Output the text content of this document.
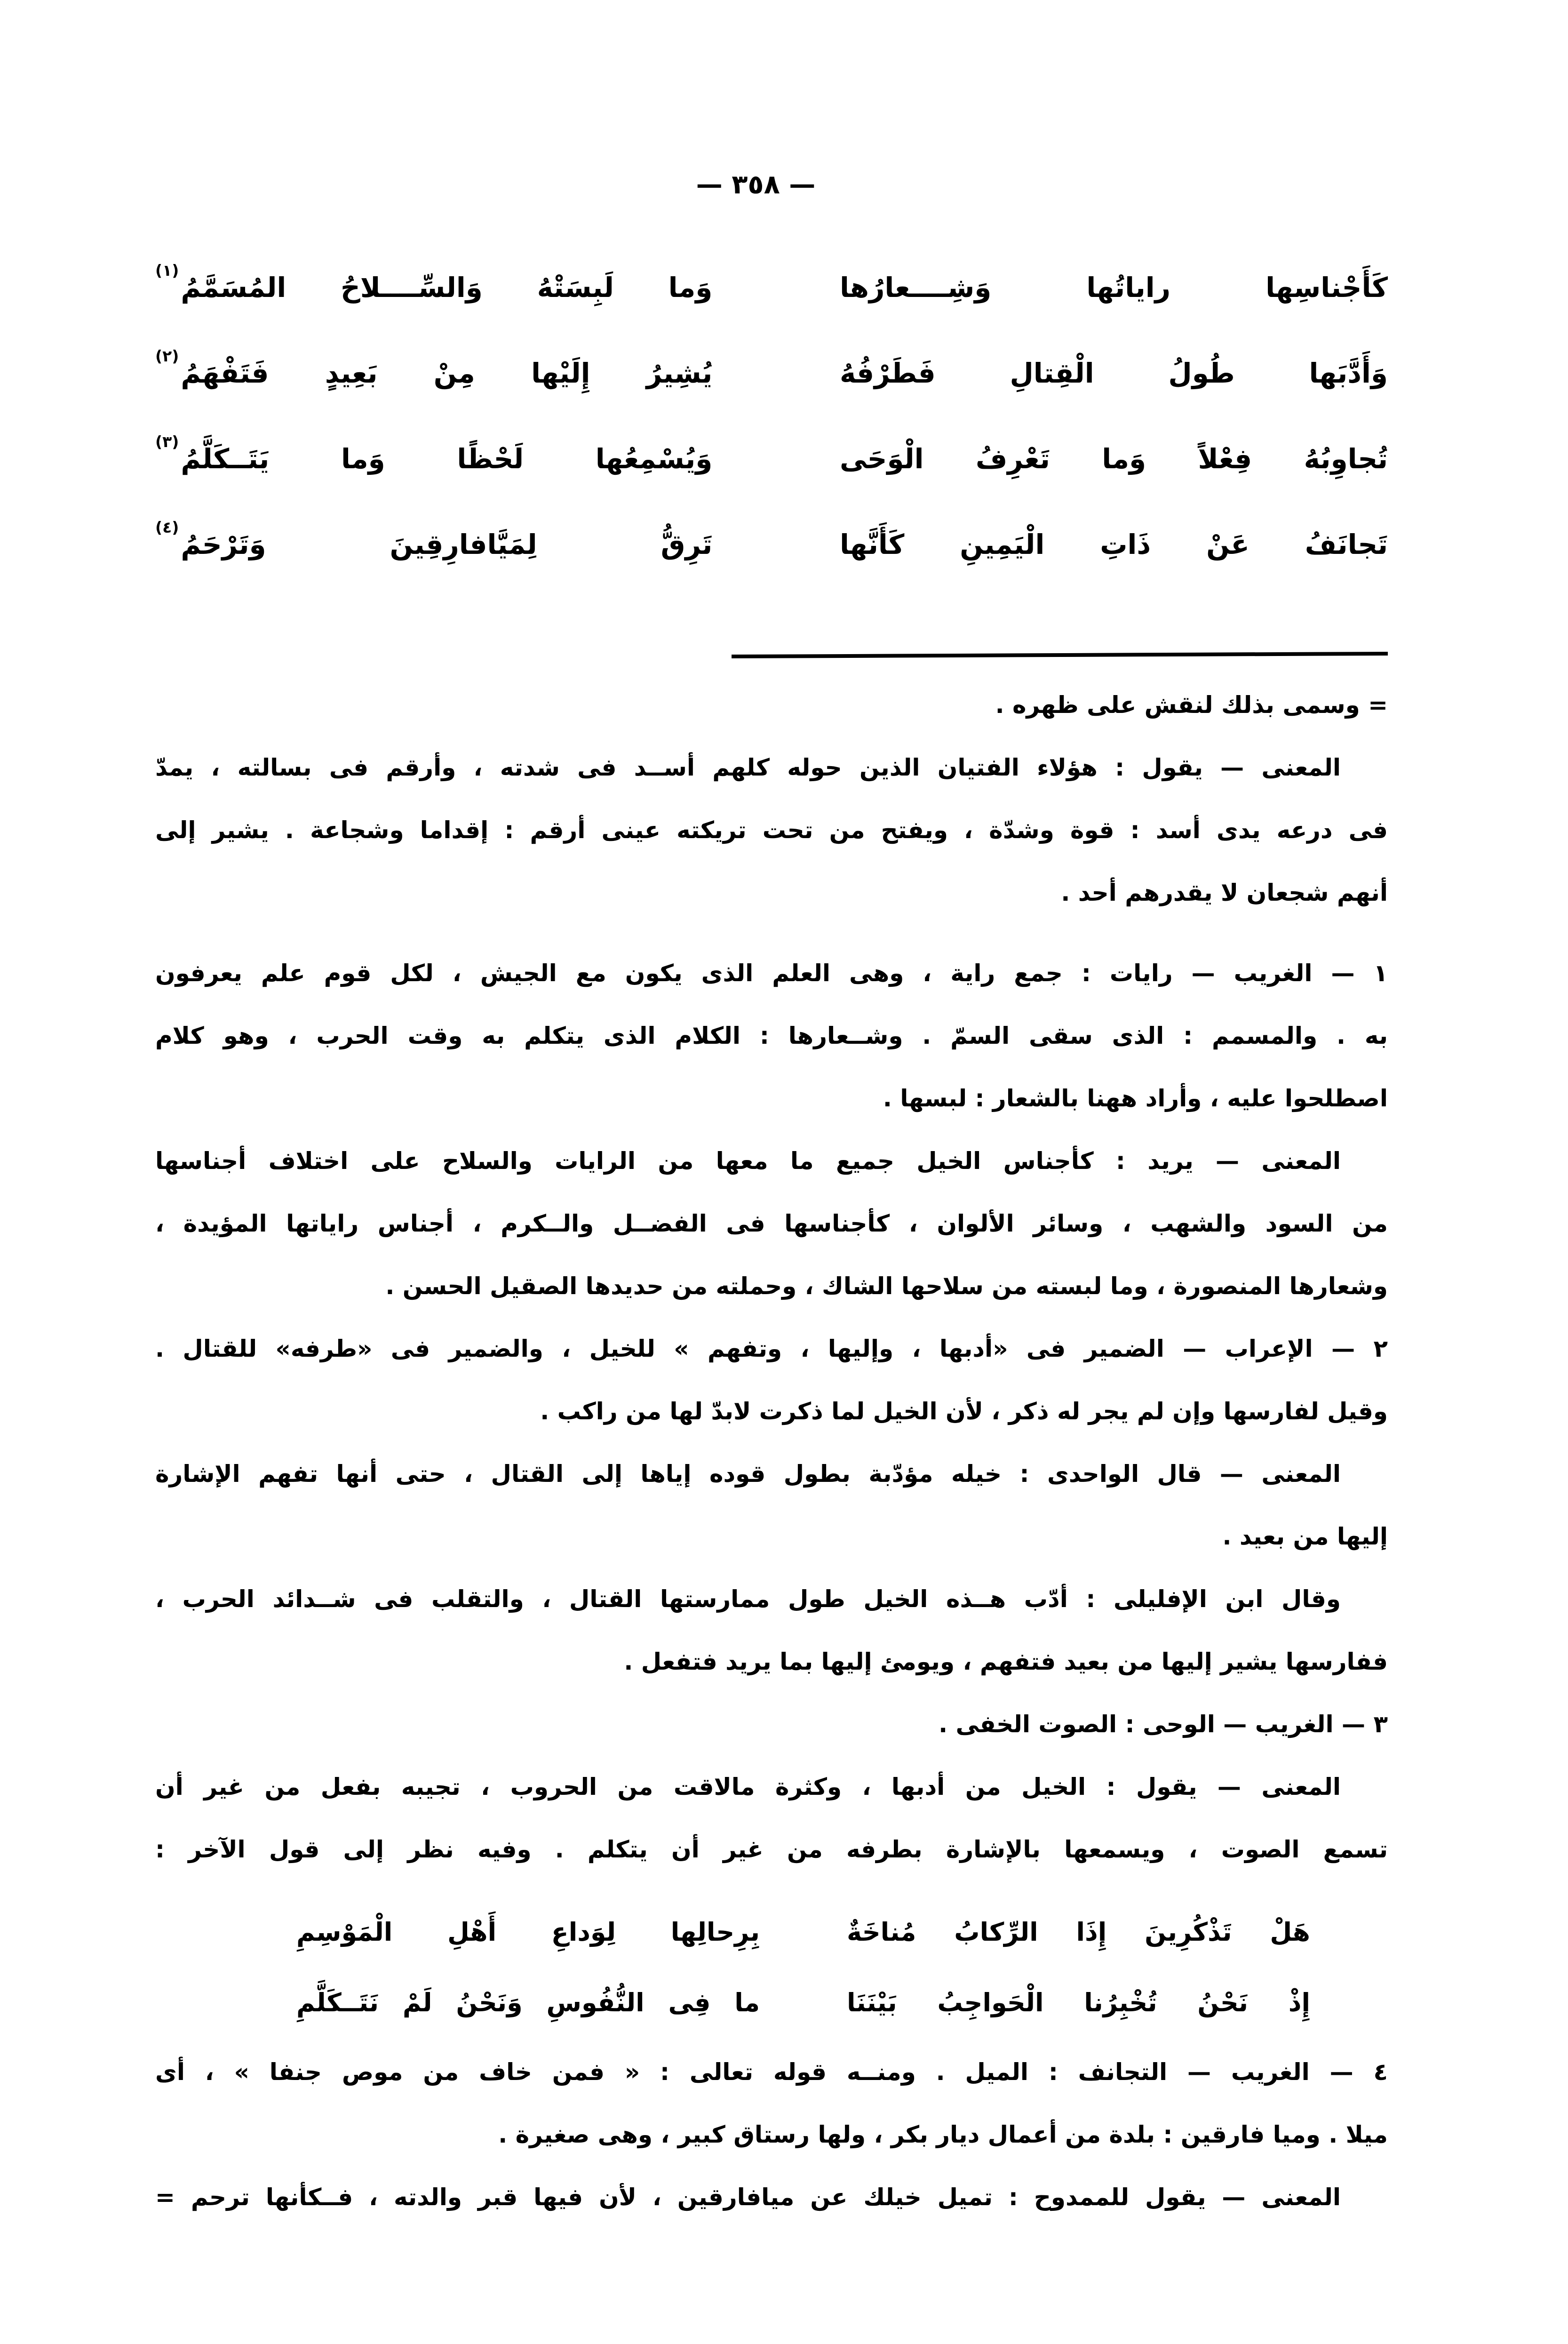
— ٣٥٨ —
كَأَجْناسِها راياتُها وَشِــــعارُها
وَما لَبِسَتْهُ وَالسِّــــلاحُ المُسَمَّمُ
(١)
وَأَدَّبَها طُولُ الْقِتالِ فَطَرْفُهُ
يُشِيرُ إِلَيْها مِنْ بَعِيدٍ فَتَفْهَمُ
(٢)
تُجاوِبُهُ فِعْلاً وَما تَعْرِفُ الْوَحَى
وَيُسْمِعُها لَحْظًا وَما يَتَــكَلَّمُ
(٣)
تَجانَفُ عَنْ ذَاتِ الْيَمِينِ كَأَنَّها
تَرِقُّ لِمَيَّافارِقِينَ وَتَرْحَمُ
(٤)
= وسمى بذلك لنقش على ظهره .
المعنى — يقول : هؤلاء الفتيان الذين حوله كلهم أســد فى شدته ، وأرقم فى بسالته ، يمدّ
فى درعه يدى أسد : قوة وشدّة ، ويفتح من تحت تريكته عينى أرقم : إقداما وشجاعة . يشير إلى
أنهم شجعان لا يقدرهم أحد .
١ — الغريب — رايات : جمع راية ، وهى العلم الذى يكون مع الجيش ، لكل قوم علم يعرفون
به . والمسمم : الذى سقى السمّ . وشــعارها : الكلام الذى يتكلم به وقت الحرب ، وهو كلام
اصطلحوا عليه ، وأراد ههنا بالشعار : لبسها .
المعنى — يريد : كأجناس الخيل جميع ما معها من الرايات والسلاح على اختلاف أجناسها
من السود والشهب ، وسائر الألوان ، كأجناسها فى الفضــل والــكرم ، أجناس راياتها المؤيدة ،
وشعارها المنصورة ، وما لبسته من سلاحها الشاك ، وحملته من حديدها الصقيل الحسن .
٢ — الإعراب — الضمير فى «أدبها ، وإليها ، وتفهم » للخيل ، والضمير فى «طرفه» للقتال .
وقيل لفارسها وإن لم يجر له ذكر ، لأن الخيل لما ذكرت لابدّ لها من راكب .
المعنى — قال الواحدى : خيله مؤدّبة بطول قوده إياها إلى القتال ، حتى أنها تفهم الإشارة
إليها من بعيد .
وقال ابن الإفليلى : أدّب هــذه الخيل طول ممارستها القتال ، والتقلب فى شــدائد الحرب ،
ففارسها يشير إليها من بعيد فتفهم ، ويومئ إليها بما يريد فتفعل .
٣ — الغريب — الوحى : الصوت الخفى .
المعنى — يقول : الخيل من أدبها ، وكثرة مالاقت من الحروب ، تجيبه بفعل من غير أن
تسمع الصوت ، ويسمعها بالإشارة بطرفه من غير أن يتكلم . وفيه نظر إلى قول الآخر :
هَلْ تَذْكُرِينَ إِذَا الرِّكابُ مُناخَةٌ
بِرِحالِها لِوَداعِ أَهْلِ الْمَوْسِمِ
إِذْ نَحْنُ تُخْبِرُنا الْحَواجِبُ بَيْنَنَا
ما فِى النُّفُوسِ وَنَحْنُ لَمْ نَتَــكَلَّمِ
٤ — الغريب — التجانف : الميل . ومنــه قوله تعالى : « فمن خاف من موص جنفا » ، أى
ميلا . وميا فارقين : بلدة من أعمال ديار بكر ، ولها رستاق كبير ، وهى صغيرة .
المعنى — يقول للممدوح : تميل خيلك عن ميافارقين ، لأن فيها قبر والدته ، فــكأنها ترحم =
